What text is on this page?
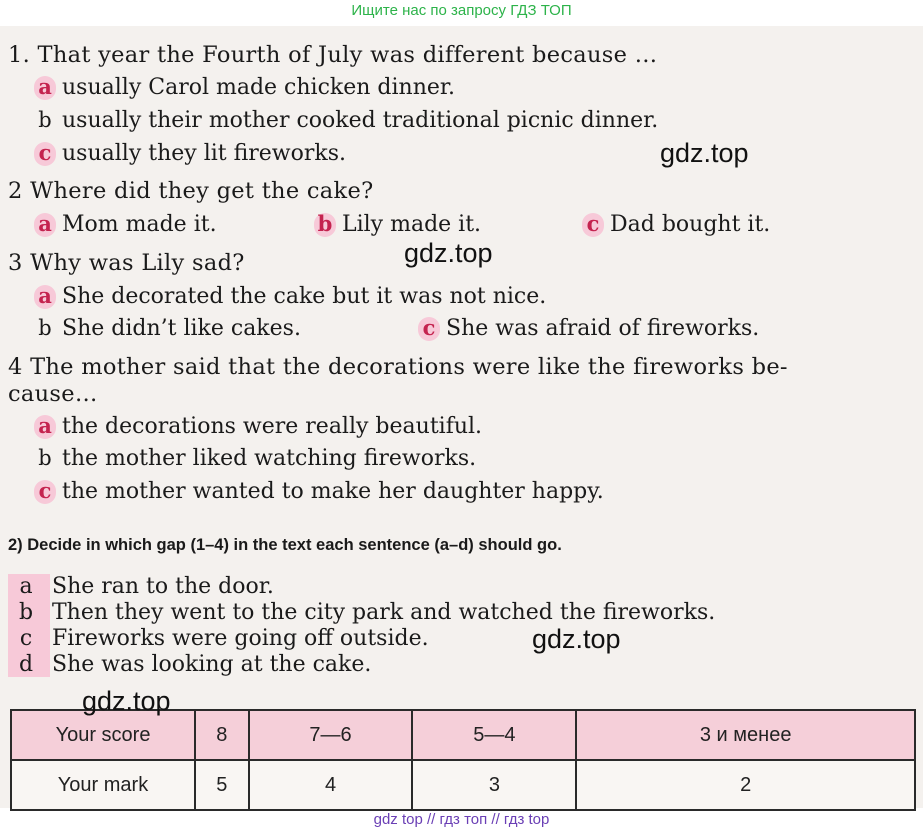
Ищите нас по запросу ГДЗ ТОП
1. That year the Fourth of July was different because …
a usually Carol made chicken dinner.
b usually their mother cooked traditional picnic dinner.
c usually they lit fireworks.
2 Where did they get the cake?
a Mom made it.	b Lily made it.	c Dad bought it.
3 Why was Lily sad?
a She decorated the cake but it was not nice.
b She didn’t like cakes.	c She was afraid of fireworks.
4 The mother said that the decorations were like the fireworks be-
cause…
a the decorations were really beautiful.
b the mother liked watching fireworks.
c the mother wanted to make her daughter happy.
2) Decide in which gap (1–4) in the text each sentence (a–d) should go.
a She ran to the door.
b Then they went to the city park and watched the fireworks.
c Fireworks were going off outside.
d She was looking at the cake.
Your score	8	7—6	5—4	3 и менее
Your mark	5	4	3	2
gdz.top
gdz.top
gdz.top
gdz.top
gdz top // гдз топ // гдз top
